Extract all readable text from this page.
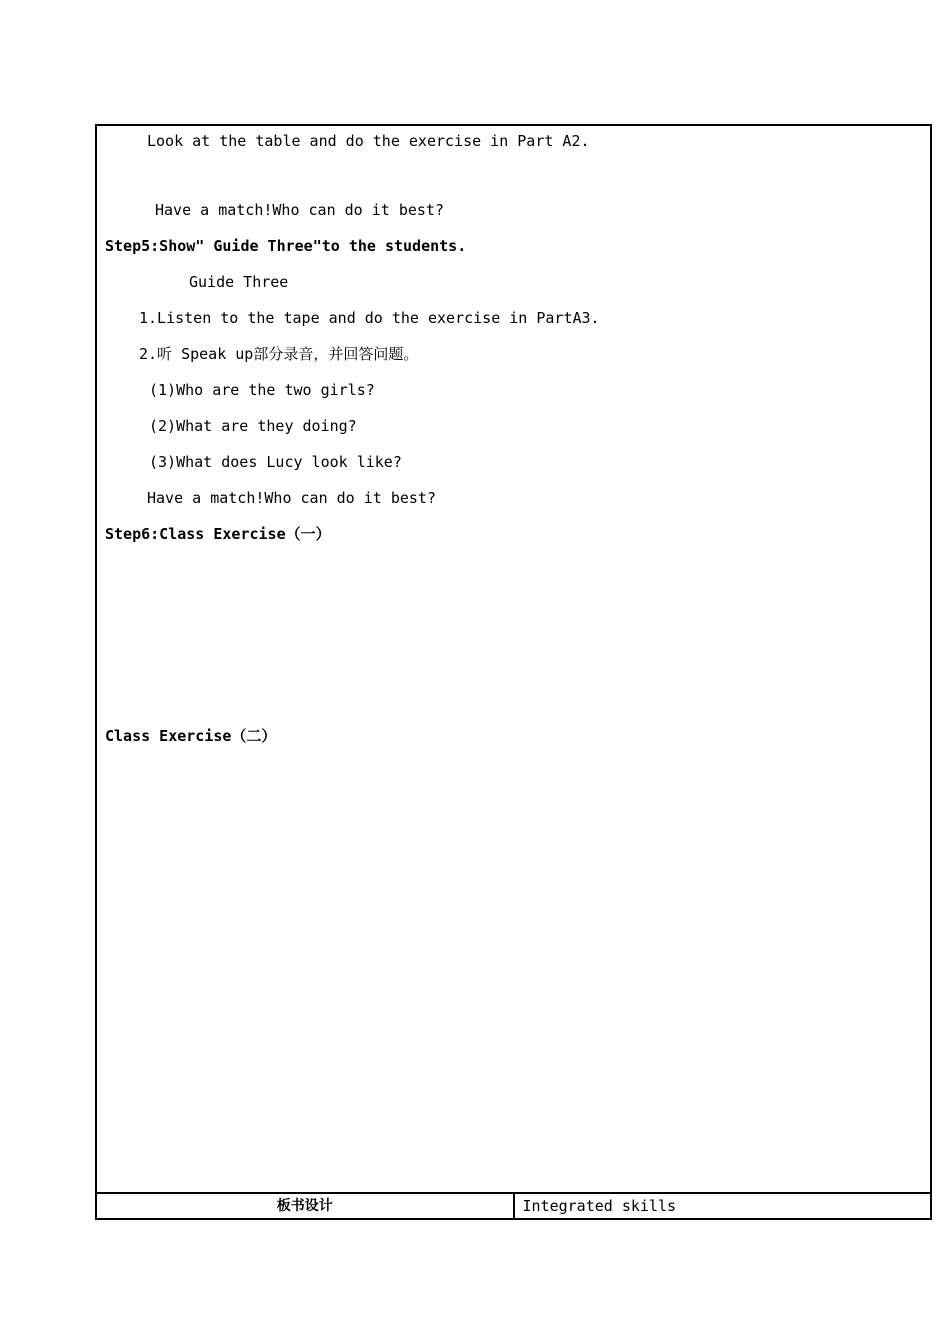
Look at the table and do the exercise in Part A2.
Have a match!Who can do it best?
Step5:Show" Guide Three"to the students.
Guide Three
1.Listen to the tape and do the exercise in PartA3.
2.听 Speak up部分录音，并回答问题。
(1)Who are the two girls?
(2)What are they doing?
(3)What does Lucy look like?
Have a match!Who can do it best?
Step6:Class Exercise（一）
Class Exercise（二）

板书设计	Integrated skills
